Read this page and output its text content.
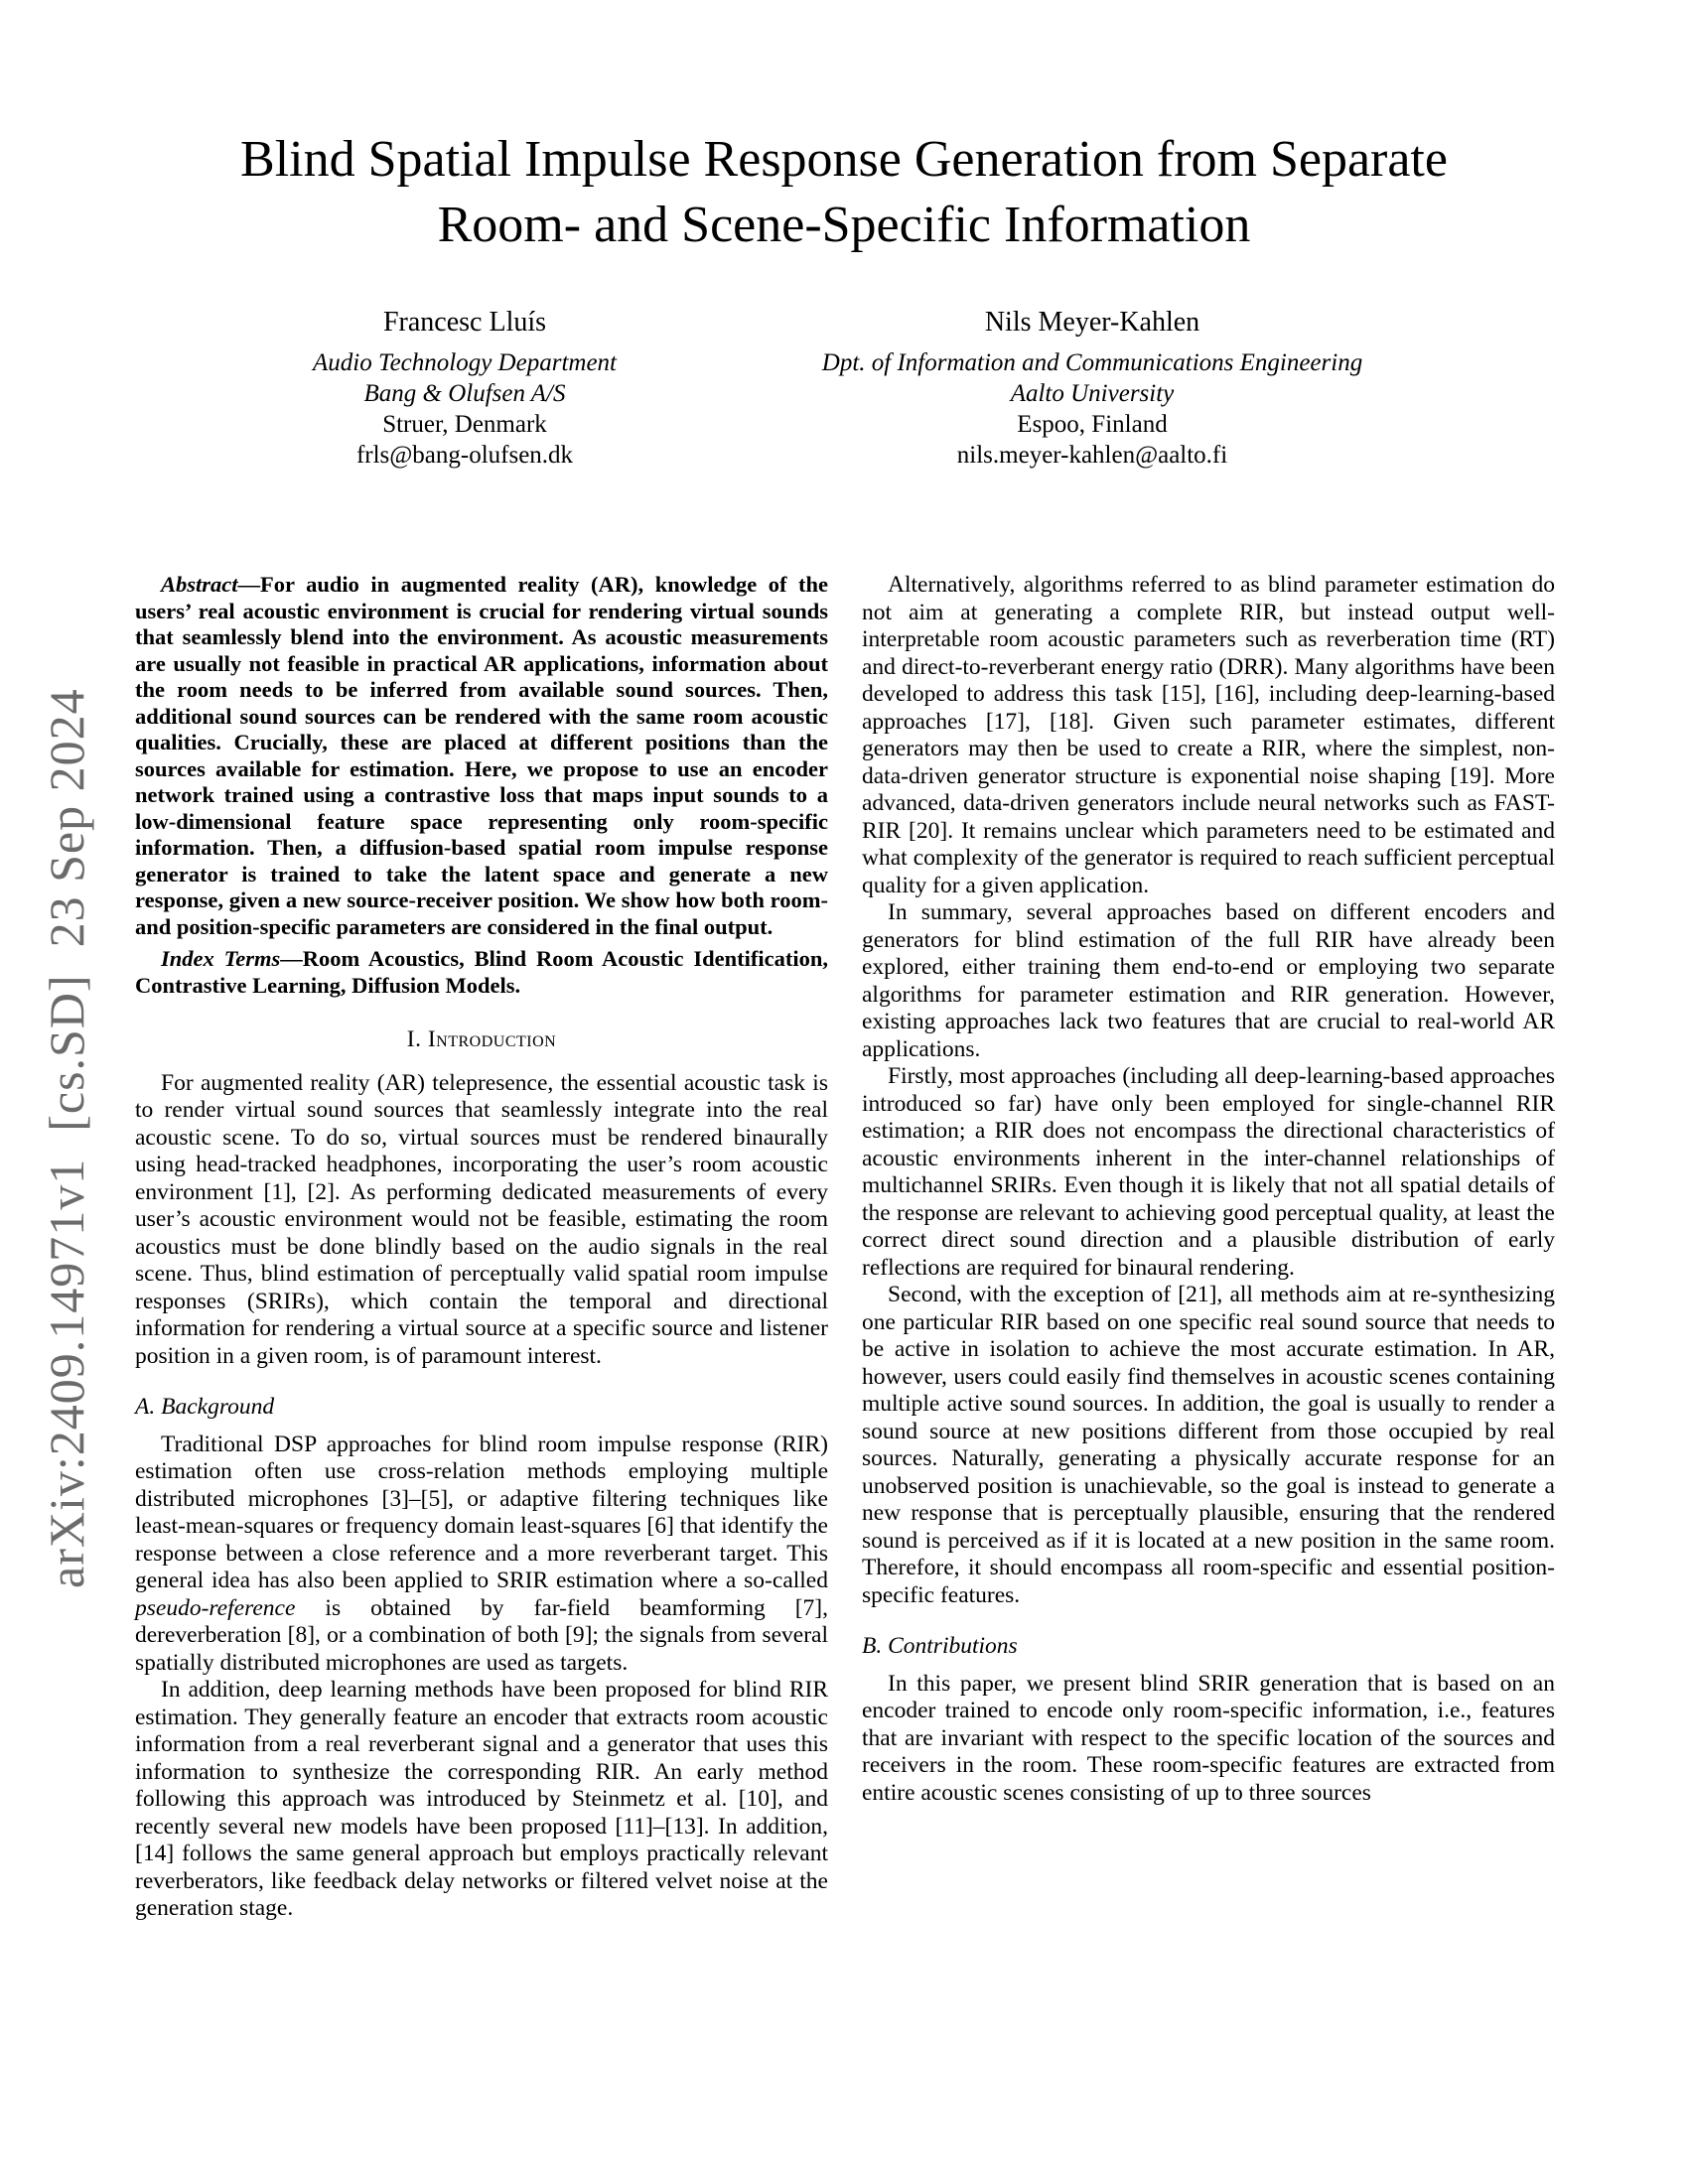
arXiv:2409.14971v1  [cs.SD]  23 Sep 2024
Blind Spatial Impulse Response Generation from Separate
Room- and Scene-Specific Information
Francesc Lluís
Audio Technology Department
Bang & Olufsen A/S
Struer, Denmark
frls@bang-olufsen.dk
Nils Meyer-Kahlen
Dpt. of Information and Communications Engineering
Aalto University
Espoo, Finland
nils.meyer-kahlen@aalto.fi

Abstract—For audio in augmented reality (AR), knowledge of the users’ real acoustic environment is crucial for rendering virtual sounds that seamlessly blend into the environment. As acoustic measurements are usually not feasible in practical AR applications, information about the room needs to be inferred from available sound sources. Then, additional sound sources can be rendered with the same room acoustic qualities. Crucially, these are placed at different positions than the sources available for estimation. Here, we propose to use an encoder network trained using a contrastive loss that maps input sounds to a low-dimensional feature space representing only room-specific information. Then, a diffusion-based spatial room impulse response generator is trained to take the latent space and generate a new response, given a new source-receiver position. We show how both room- and position-specific parameters are considered in the final output.

Index Terms—Room Acoustics, Blind Room Acoustic Identification, Contrastive Learning, Diffusion Models.

I. Introduction

For augmented reality (AR) telepresence, the essential acoustic task is to render virtual sound sources that seamlessly integrate into the real acoustic scene. To do so, virtual sources must be rendered binaurally using head-tracked headphones, incorporating the user’s room acoustic environment [1], [2]. As performing dedicated measurements of every user’s acoustic environment would not be feasible, estimating the room acoustics must be done blindly based on the audio signals in the real scene. Thus, blind estimation of perceptually valid spatial room impulse responses (SRIRs), which contain the temporal and directional information for rendering a virtual source at a specific source and listener position in a given room, is of paramount interest.

A. Background

Traditional DSP approaches for blind room impulse response (RIR) estimation often use cross-relation methods employing multiple distributed microphones [3]–[5], or adaptive filtering techniques like least-mean-squares or frequency domain least-squares [6] that identify the response between a close reference and a more reverberant target. This general idea has also been applied to SRIR estimation where a so-called pseudo-reference is obtained by far-field beamforming [7], dereverberation [8], or a combination of both [9]; the signals from several spatially distributed microphones are used as targets.

In addition, deep learning methods have been proposed for blind RIR estimation. They generally feature an encoder that extracts room acoustic information from a real reverberant signal and a generator that uses this information to synthesize the corresponding RIR. An early method following this approach was introduced by Steinmetz et al. [10], and recently several new models have been proposed [11]–[13]. In addition, [14] follows the same general approach but employs practically relevant reverberators, like feedback delay networks or filtered velvet noise at the generation stage.

Alternatively, algorithms referred to as blind parameter estimation do not aim at generating a complete RIR, but instead output well-interpretable room acoustic parameters such as reverberation time (RT) and direct-to-reverberant energy ratio (DRR). Many algorithms have been developed to address this task [15], [16], including deep-learning-based approaches [17], [18]. Given such parameter estimates, different generators may then be used to create a RIR, where the simplest, non-data-driven generator structure is exponential noise shaping [19]. More advanced, data-driven generators include neural networks such as FAST-RIR [20]. It remains unclear which parameters need to be estimated and what complexity of the generator is required to reach sufficient perceptual quality for a given application.

In summary, several approaches based on different encoders and generators for blind estimation of the full RIR have already been explored, either training them end-to-end or employing two separate algorithms for parameter estimation and RIR generation. However, existing approaches lack two features that are crucial to real-world AR applications.

Firstly, most approaches (including all deep-learning-based approaches introduced so far) have only been employed for single-channel RIR estimation; a RIR does not encompass the directional characteristics of acoustic environments inherent in the inter-channel relationships of multichannel SRIRs. Even though it is likely that not all spatial details of the response are relevant to achieving good perceptual quality, at least the correct direct sound direction and a plausible distribution of early reflections are required for binaural rendering.

Second, with the exception of [21], all methods aim at re-synthesizing one particular RIR based on one specific real sound source that needs to be active in isolation to achieve the most accurate estimation. In AR, however, users could easily find themselves in acoustic scenes containing multiple active sound sources. In addition, the goal is usually to render a sound source at new positions different from those occupied by real sources. Naturally, generating a physically accurate response for an unobserved position is unachievable, so the goal is instead to generate a new response that is perceptually plausible, ensuring that the rendered sound is perceived as if it is located at a new position in the same room. Therefore, it should encompass all room-specific and essential position-specific features.

B. Contributions

In this paper, we present blind SRIR generation that is based on an encoder trained to encode only room-specific information, i.e., features that are invariant with respect to the specific location of the sources and receivers in the room. These room-specific features are extracted from entire acoustic scenes consisting of up to three sources
